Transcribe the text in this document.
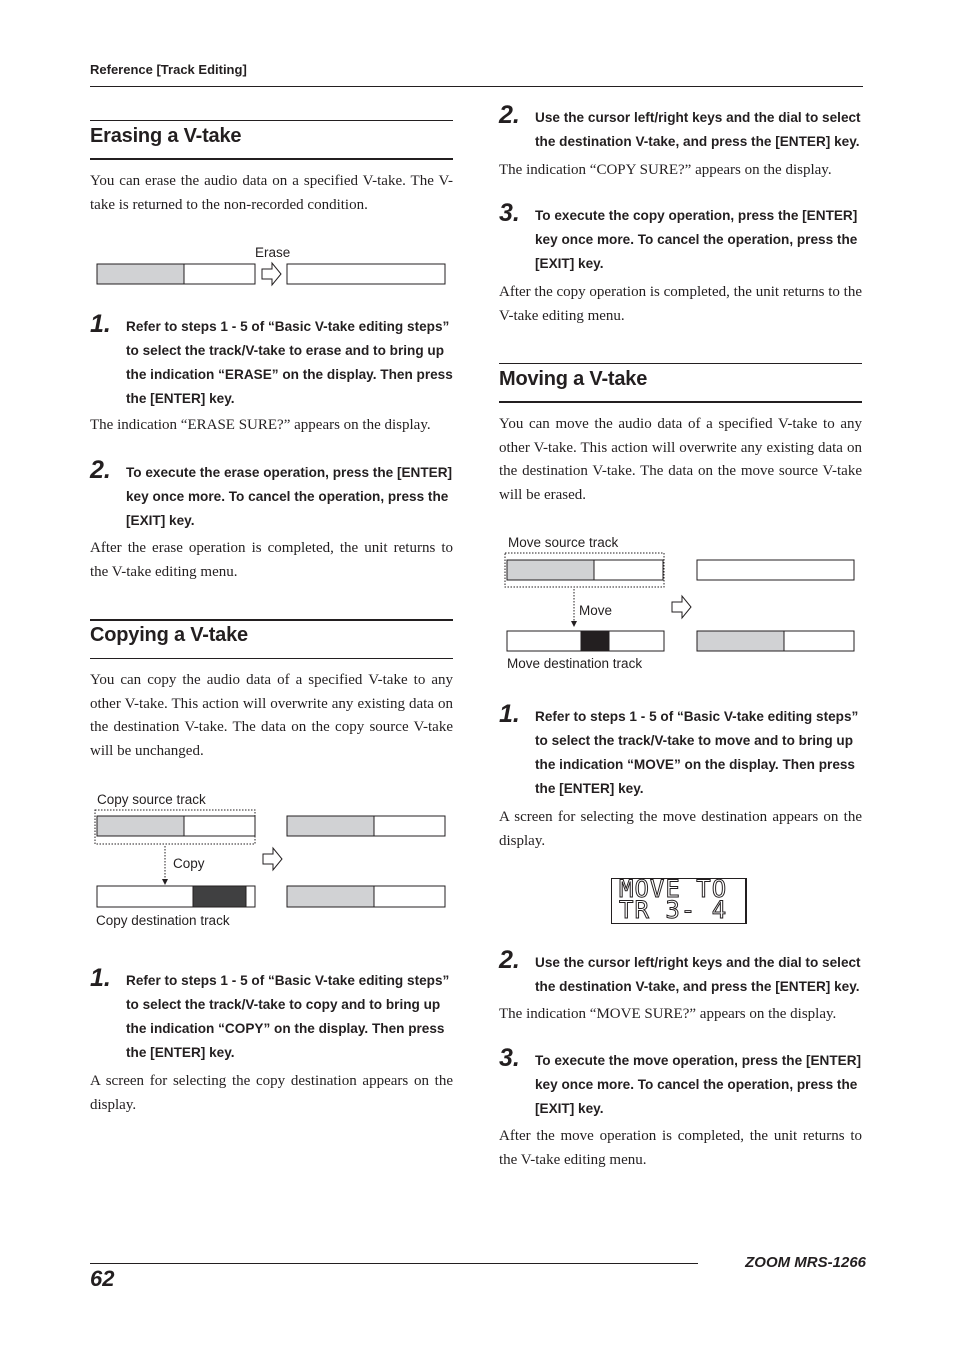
Reference [Track Editing]
Erasing a V-take
You can erase the audio data on a specified V-take. The V-take is returned to the non-recorded condition.
Erase
1. Refer to steps 1 - 5 of “Basic V-take editing steps” to select the track/V-take to erase and to bring up the indication “ERASE” on the display. Then press the [ENTER] key.
The indication “ERASE SURE?” appears on the display.
2. To execute the erase operation, press the [ENTER] key once more. To cancel the operation, press the [EXIT] key.
After the erase operation is completed, the unit returns to the V-take editing menu.
Copying a V-take
You can copy the audio data of a specified V-take to any other V-take. This action will overwrite any existing data on the destination V-take. The data on the copy source V-take will be unchanged.
Copy source track
Copy
Copy destination track
1. Refer to steps 1 - 5 of “Basic V-take editing steps” to select the track/V-take to copy and to bring up the indication “COPY” on the display. Then press the [ENTER] key.
A screen for selecting the copy destination appears on the display.
2. Use the cursor left/right keys and the dial to select the destination V-take, and press the [ENTER] key.
The indication “COPY SURE?” appears on the display.
3. To execute the copy operation, press the [ENTER] key once more. To cancel the operation, press the [EXIT] key.
After the copy operation is completed, the unit returns to the V-take editing menu.
Moving a V-take
You can move the audio data of a specified V-take to any other V-take. This action will overwrite any existing data on the destination V-take. The data on the move source V-take will be erased.
Move source track
Move
Move destination track
1. Refer to steps 1 - 5 of “Basic V-take editing steps” to select the track/V-take to move and to bring up the indication “MOVE” on the display. Then press the [ENTER] key.
A screen for selecting the move destination appears on the display.
MOVE TO
TR 3- 4
2. Use the cursor left/right keys and the dial to select the destination V-take, and press the [ENTER] key.
The indication “MOVE SURE?” appears on the display.
3. To execute the move operation, press the [ENTER] key once more. To cancel the operation, press the [EXIT] key.
After the move operation is completed, the unit returns to the V-take editing menu.
ZOOM MRS-1266
62
